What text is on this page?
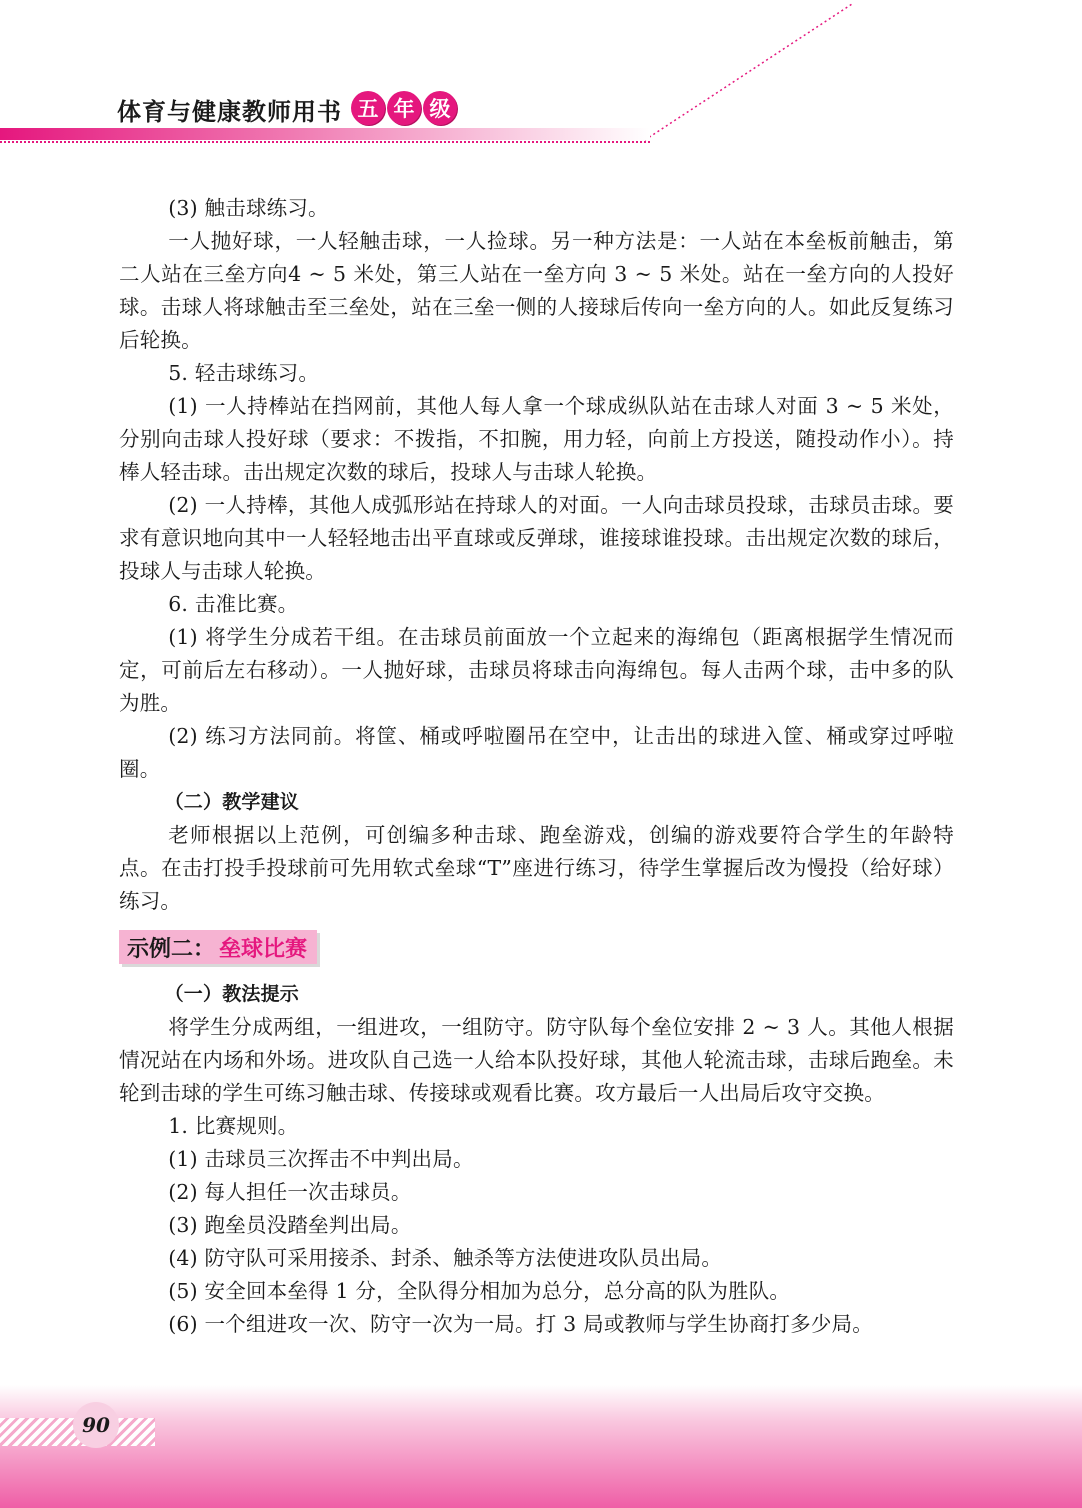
体育与健康教师用书 五 年 级

(3) 触击球练习。

一人抛好球，一人轻触击球，一人捡球。另一种方法是：一人站在本垒板前触击，第二人站在三垒方向4 ~ 5 米处，第三人站在一垒方向 3 ~ 5 米处。站在一垒方向的人投好球。击球人将球触击至三垒处，站在三垒一侧的人接球后传向一垒方向的人。如此反复练习后轮换。

5. 轻击球练习。

(1) 一人持棒站在挡网前，其他人每人拿一个球成纵队站在击球人对面 3 ~ 5 米处，分别向击球人投好球（要求：不拨指，不扣腕，用力轻，向前上方投送，随投动作小）。持棒人轻击球。击出规定次数的球后，投球人与击球人轮换。

(2) 一人持棒，其他人成弧形站在持球人的对面。一人向击球员投球，击球员击球。要求有意识地向其中一人轻轻地击出平直球或反弹球，谁接球谁投球。击出规定次数的球后，投球人与击球人轮换。

6. 击准比赛。

(1) 将学生分成若干组。在击球员前面放一个立起来的海绵包（距离根据学生情况而定，可前后左右移动）。一人抛好球，击球员将球击向海绵包。每人击两个球，击中多的队为胜。

(2) 练习方法同前。将筐、桶或呼啦圈吊在空中，让击出的球进入筐、桶或穿过呼啦圈。

（二）教学建议

老师根据以上范例，可创编多种击球、跑垒游戏，创编的游戏要符合学生的年龄特点。在击打投手投球前可先用软式垒球“T”座进行练习，待学生掌握后改为慢投（给好球）练习。

示例二： 垒球比赛

（一）教法提示

将学生分成两组，一组进攻，一组防守。防守队每个垒位安排 2 ~ 3 人。其他人根据情况站在内场和外场。进攻队自己选一人给本队投好球，其他人轮流击球，击球后跑垒。未轮到击球的学生可练习触击球、传接球或观看比赛。攻方最后一人出局后攻守交换。

1. 比赛规则。

(1) 击球员三次挥击不中判出局。

(2) 每人担任一次击球员。

(3) 跑垒员没踏垒判出局。

(4) 防守队可采用接杀、封杀、触杀等方法使进攻队员出局。

(5) 安全回本垒得 1 分，全队得分相加为总分，总分高的队为胜队。

(6) 一个组进攻一次、防守一次为一局。打 3 局或教师与学生协商打多少局。

90
